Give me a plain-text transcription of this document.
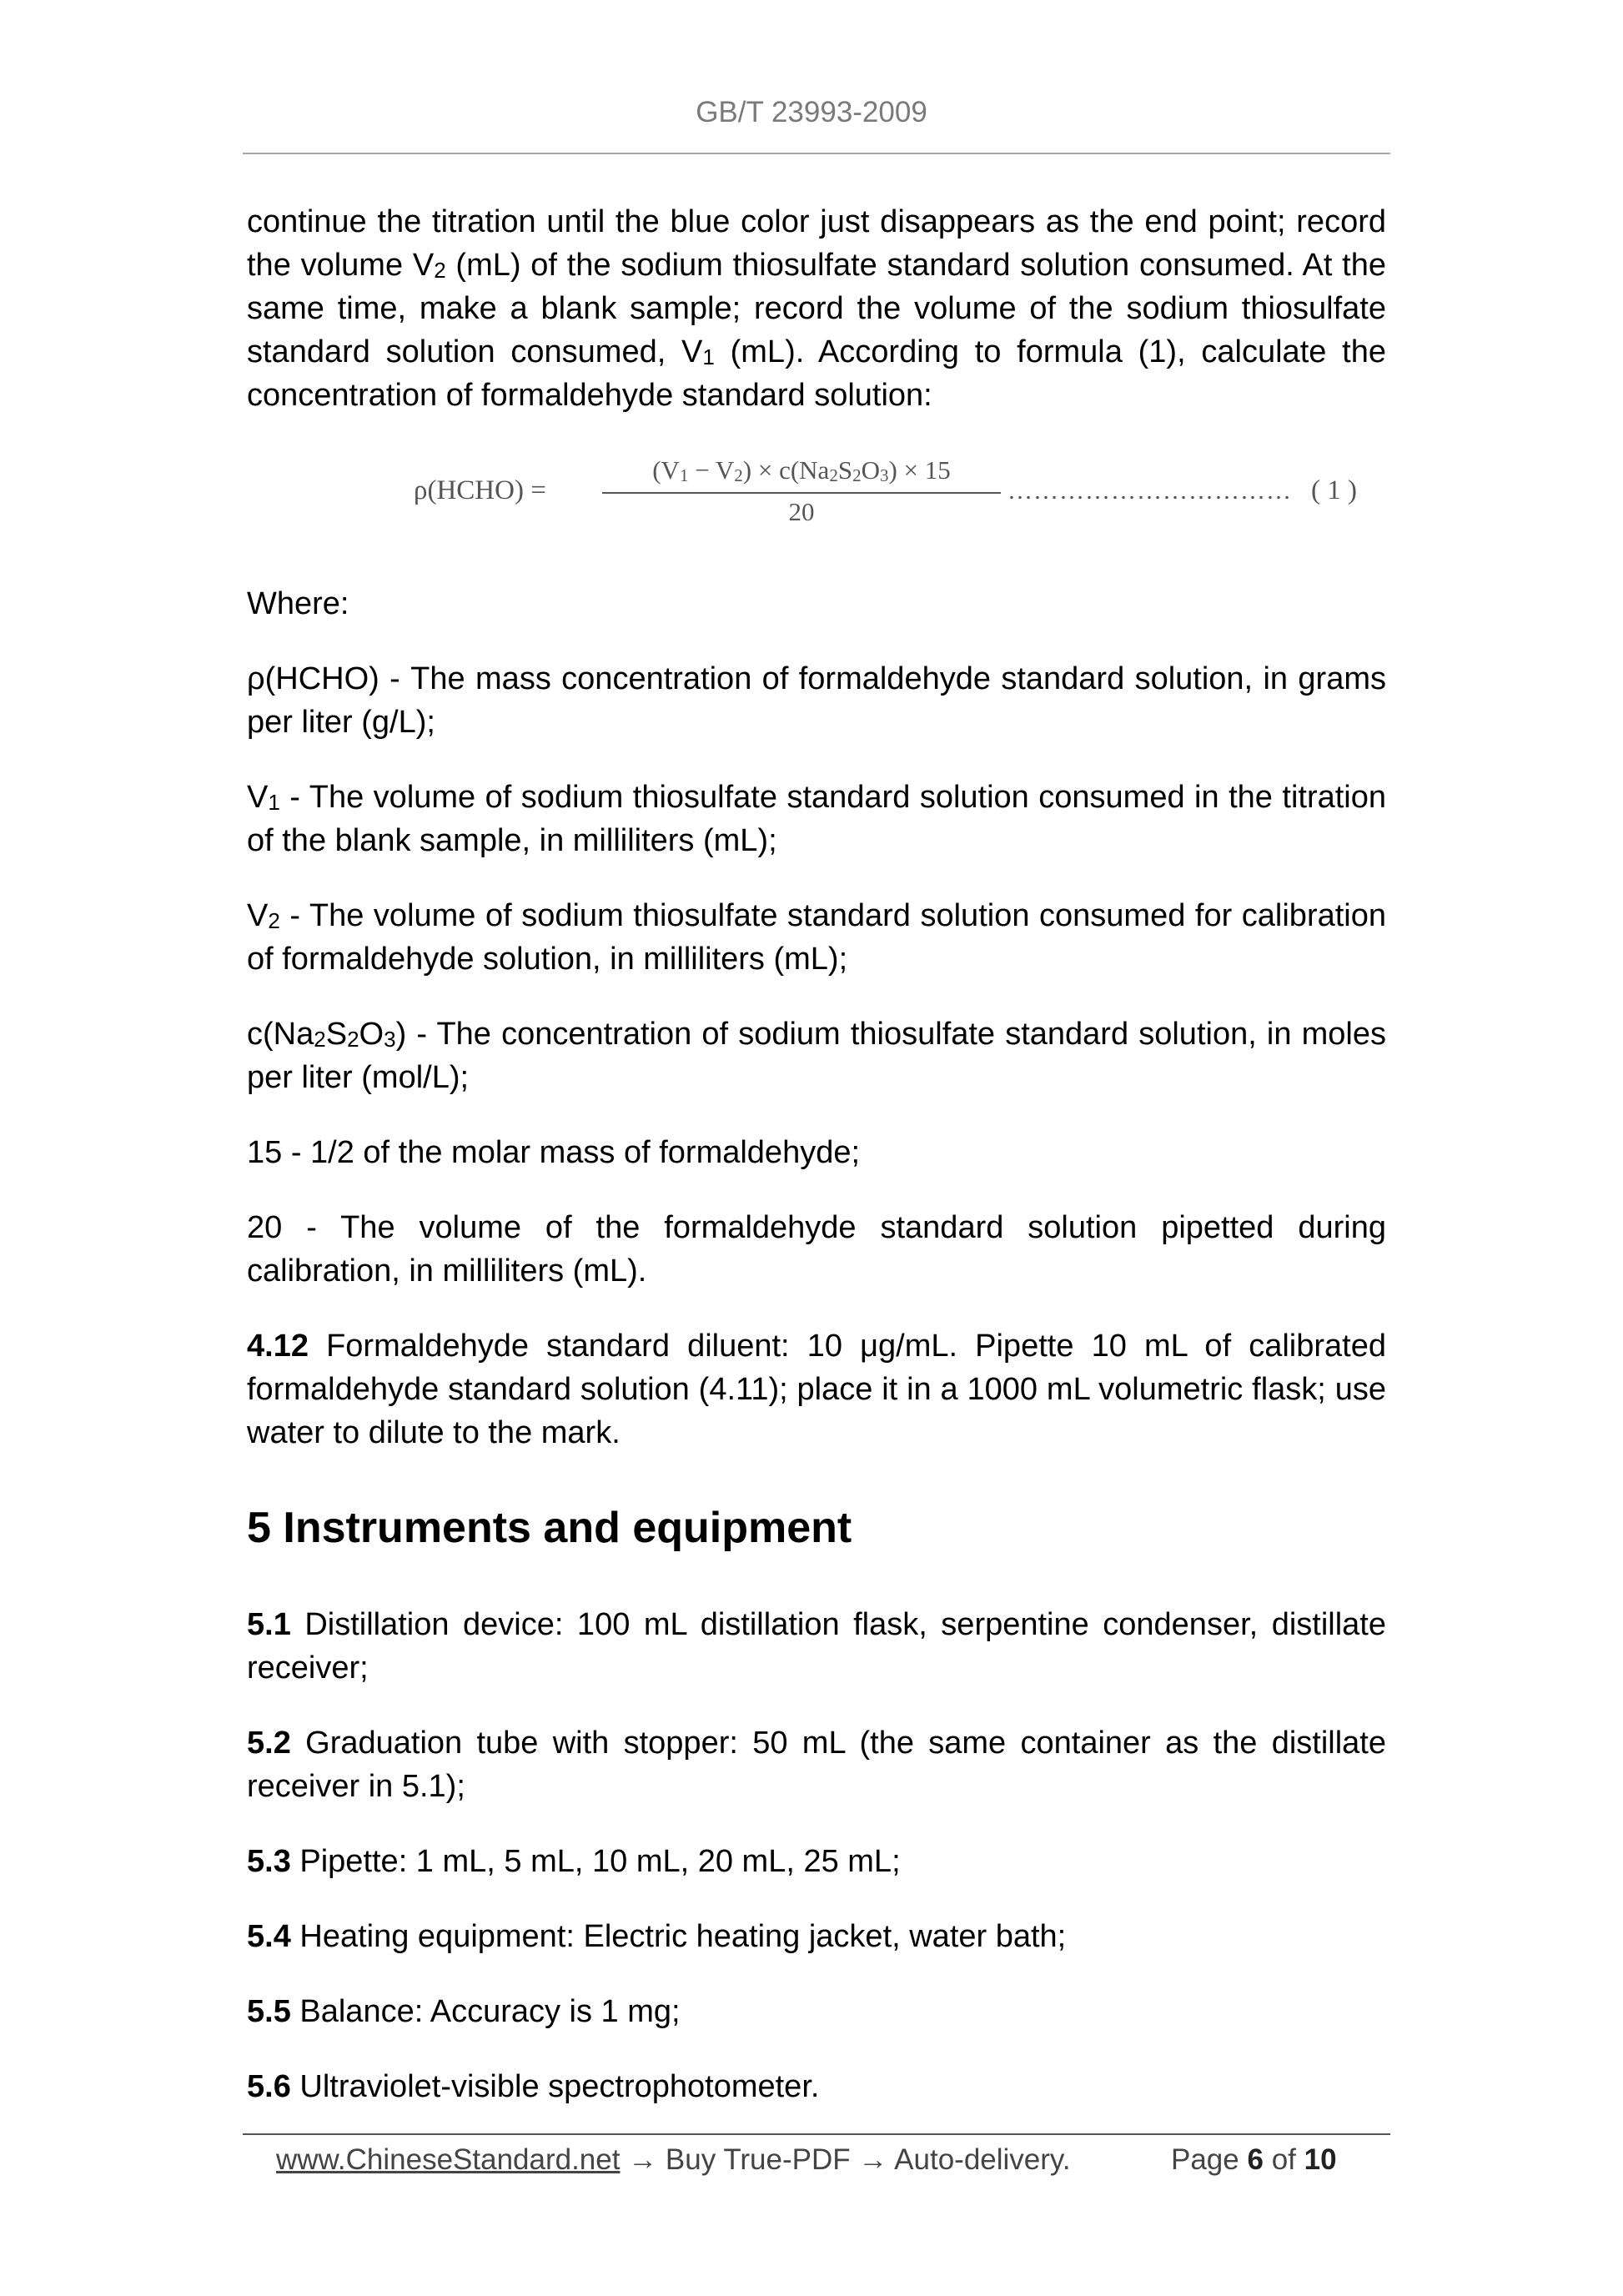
GB/T 23993-2009

continue the titration until the blue color just disappears as the end point; record the volume V2 (mL) of the sodium thiosulfate standard solution consumed. At the same time, make a blank sample; record the volume of the sodium thiosulfate standard solution consumed, V1 (mL). According to formula (1), calculate the concentration of formaldehyde standard solution:

ρ(HCHO) =
(V1 − V2) × c(Na2S2O3) × 15
20
…………………………… ( 1 )

Where:

ρ(HCHO) - The mass concentration of formaldehyde standard solution, in grams per liter (g/L);

V1 - The volume of sodium thiosulfate standard solution consumed in the titration of the blank sample, in milliliters (mL);

V2 - The volume of sodium thiosulfate standard solution consumed for calibration of formaldehyde solution, in milliliters (mL);

c(Na2S2O3) - The concentration of sodium thiosulfate standard solution, in moles per liter (mol/L);

15 - 1/2 of the molar mass of formaldehyde;

20 - The volume of the formaldehyde standard solution pipetted during calibration, in milliliters (mL).

4.12 Formaldehyde standard diluent: 10 μg/mL. Pipette 10 mL of calibrated formaldehyde standard solution (4.11); place it in a 1000 mL volumetric flask; use water to dilute to the mark.

5 Instruments and equipment

5.1 Distillation device: 100 mL distillation flask, serpentine condenser, distillate receiver;

5.2 Graduation tube with stopper: 50 mL (the same container as the distillate receiver in 5.1);

5.3 Pipette: 1 mL, 5 mL, 10 mL, 20 mL, 25 mL;

5.4 Heating equipment: Electric heating jacket, water bath;

5.5 Balance: Accuracy is 1 mg;

5.6 Ultraviolet-visible spectrophotometer.

www.ChineseStandard.net → Buy True-PDF → Auto-delivery.	Page 6 of 10
